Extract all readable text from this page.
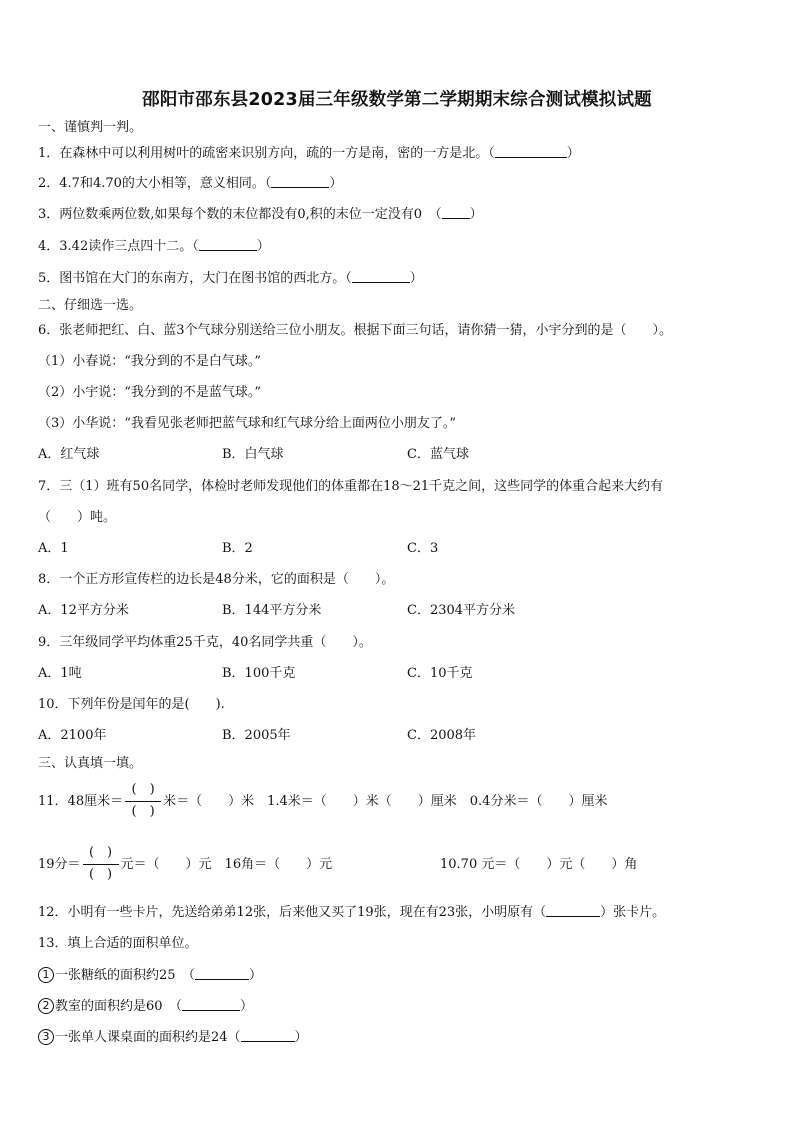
邵阳市邵东县2023届三年级数学第二学期期末综合测试模拟试题
一、谨慎判一判。
1．在森林中可以利用树叶的疏密来识别方向，疏的一方是南，密的一方是北。（	）
2．4.7和4.70的大小相等，意义相同。（	）
3．两位数乘两位数,如果每个数的末位都没有0,积的末位一定没有0　（ ）
4．3.42读作三点四十二。（	）
5．图书馆在大门的东南方，大门在图书馆的西北方。（	）
二、仔细选一选。
6．张老师把红、白、蓝3个气球分别送给三位小朋友。根据下面三句话，请你猜一猜，小宇分到的是（　　）。
（1）小春说：“我分到的不是白气球。”
（2）小宇说：“我分到的不是蓝气球。”
（3）小华说：“我看见张老师把蓝气球和红气球分给上面两位小朋友了。”
A．红气球	B．白气球	C．蓝气球
7．三（1）班有50名同学，体检时老师发现他们的体重都在18～21千克之间，这些同学的体重合起来大约有
（　　）吨。
A．1	B．2	C．3
8．一个正方形宣传栏的边长是48分米，它的面积是（　　）。
A．12平方分米	B．144平方分米	C．2304平方分米
9．三年级同学平均体重25千克，40名同学共重（　　）。
A．1吨	B．100千克	C．10千克
10．下列年份是闰年的是(　　).
A．2100年	B．2005年	C．2008年
三、认真填一填。
11．48厘米＝ $\frac{( )}{( )}$ 米＝（　　）米　1.4米＝（　　）米（　　）厘米　0.4分米＝（　　）厘米
19分＝ $\frac{( )}{( )}$ 元＝（　　）元　16角＝（　　）元	10.70 元＝（　　）元（　　）角
12．小明有一些卡片，先送给弟弟12张，后来他又买了19张，现在有23张，小明原有（	）张卡片。
13．填上合适的面积单位。
1 一张糖纸的面积约25　（	）
2 教室的面积约是60　（	）
3 一张单人课桌面的面积约是24（	）
